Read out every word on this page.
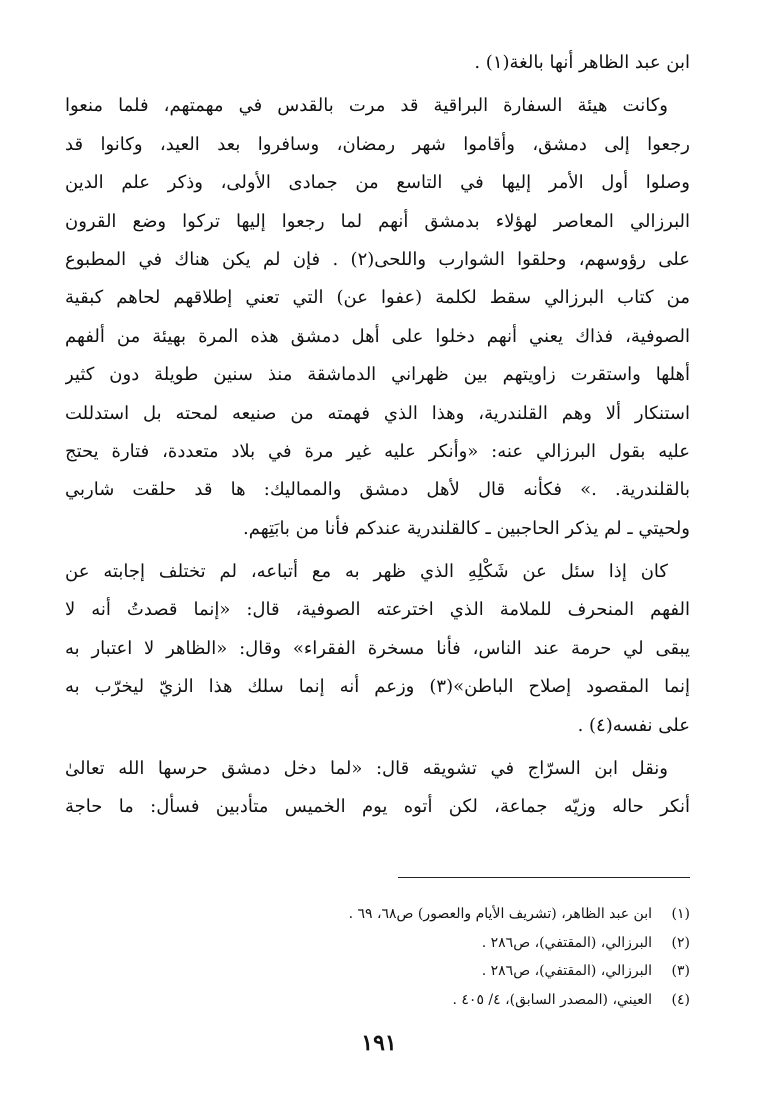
ابن عبد الظاهر أنها بالغة(١) .
وكانت هيئة السفارة البراقية قد مرت بالقدس في مهمتهم، فلما منعوا
رجعوا إلى دمشق، وأقاموا شهر رمضان، وسافروا بعد العيد، وكانوا قد
وصلوا أول الأمر إليها في التاسع من جمادى الأولى، وذكر علم الدين
البرزالي المعاصر لهؤلاء بدمشق أنهم لما رجعوا إليها تركوا وضع القرون
على رؤوسهم، وحلقوا الشوارب واللحى(٢) . فإن لم يكن هناك في المطبوع
من كتاب البرزالي سقط لكلمة (عفوا عن) التي تعني إطلاقهم لحاهم كبقية
الصوفية، فذاك يعني أنهم دخلوا على أهل دمشق هذه المرة بهيئة من ألفهم
أهلها واستقرت زاويتهم بين ظهراني الدماشقة منذ سنين طويلة دون كثير
استنكار ألا وهم القلندرية، وهذا الذي فهمته من صنيعه لمحته بل استدللت
عليه بقول البرزالي عنه: «وأنكر عليه غير مرة في بلاد متعددة، فتارة يحتج
بالقلندرية. .» فكأنه قال لأهل دمشق والمماليك: ها قد حلقت شاربي
ولحيتي ـ لم يذكر الحاجبين ـ كالقلندرية عندكم فأنا من بابَتِهم.
كان إذا سئل عن شَكْلِهِ الذي ظهر به مع أتباعه، لم تختلف إجابته عن
الفهم المنحرف للملامة الذي اخترعته الصوفية، قال: «إنما قصدتُ أنه لا
يبقى لي حرمة عند الناس، فأنا مسخرة الفقراء» وقال: «الظاهر لا اعتبار به
إنما المقصود إصلاح الباطن»(٣) وزعم أنه إنما سلك هذا الزيّ ليخرّب به
على نفسه(٤) .
ونقل ابن السرّاج في تشويقه قال: «لما دخل دمشق حرسها الله تعالىٰ
أنكر حاله وزيّه جماعة، لكن أتوه يوم الخميس متأدبين فسأل: ما حاجة
(١)ابن عبد الظاهر، (تشريف الأيام والعصور) ص٦٨، ٦٩ .
(٢)البرزالي، (المقتفي)، ص٢٨٦ .
(٣)البرزالي، (المقتفي)، ص٢٨٦ .
(٤)العيني، (المصدر السابق)، ٤/ ٤٠٥ .
١٩١
